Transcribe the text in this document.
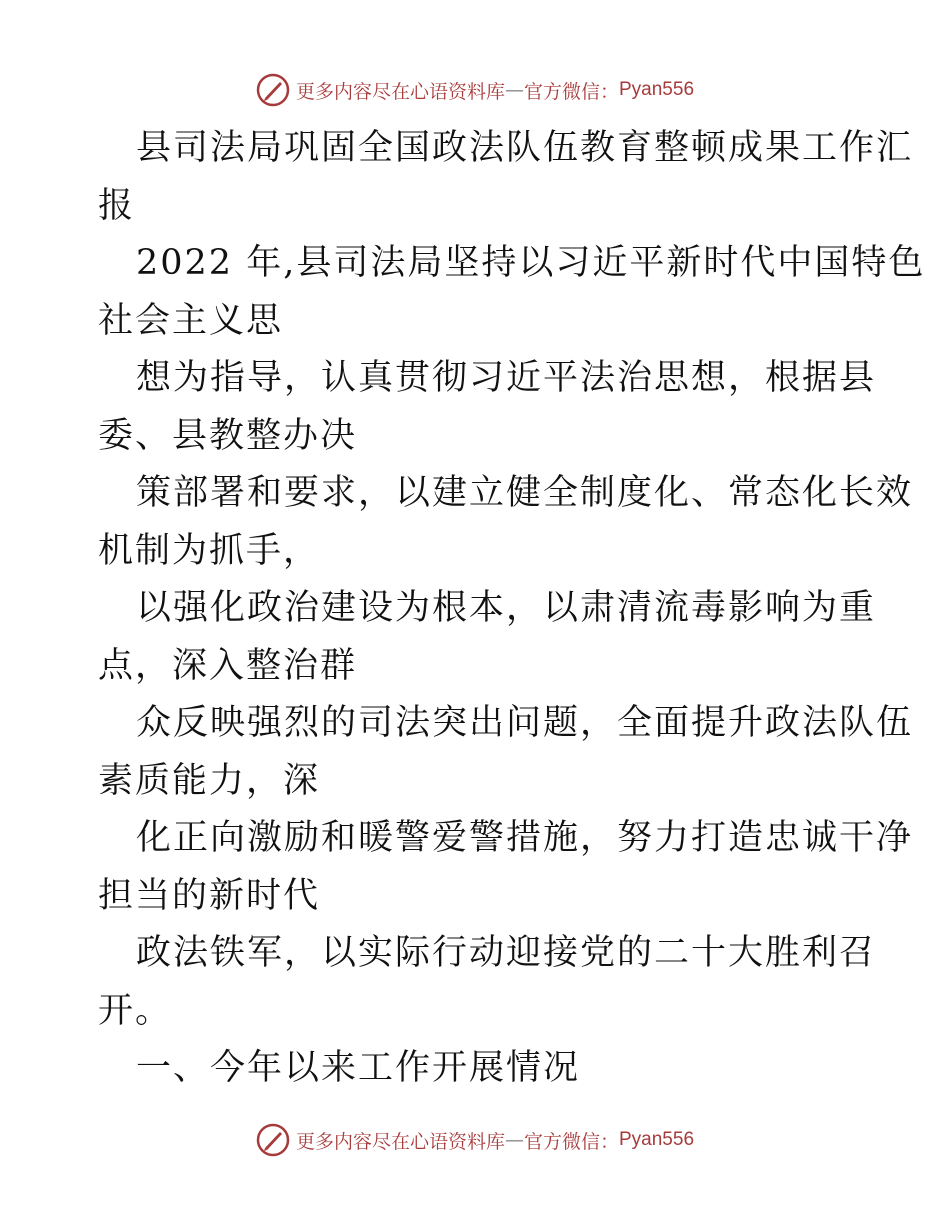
更多内容尽在心语资料库 — 官方微信： Pyan556
县司法局巩固全国政法队伍教育整顿成果工作汇
报
2022 年,县司法局坚持以习近平新时代中国特色
社会主义思
想为指导，认真贯彻习近平法治思想，根据县
委、县教整办决
策部署和要求，以建立健全制度化、常态化长效
机制为抓手，
以强化政治建设为根本，以肃清流毒影响为重
点，深入整治群
众反映强烈的司法突出问题，全面提升政法队伍
素质能力，深
化正向激励和暖警爱警措施，努力打造忠诚干净
担当的新时代
政法铁军，以实际行动迎接党的二十大胜利召
开。
一、今年以来工作开展情况
更多内容尽在心语资料库 — 官方微信： Pyan556
